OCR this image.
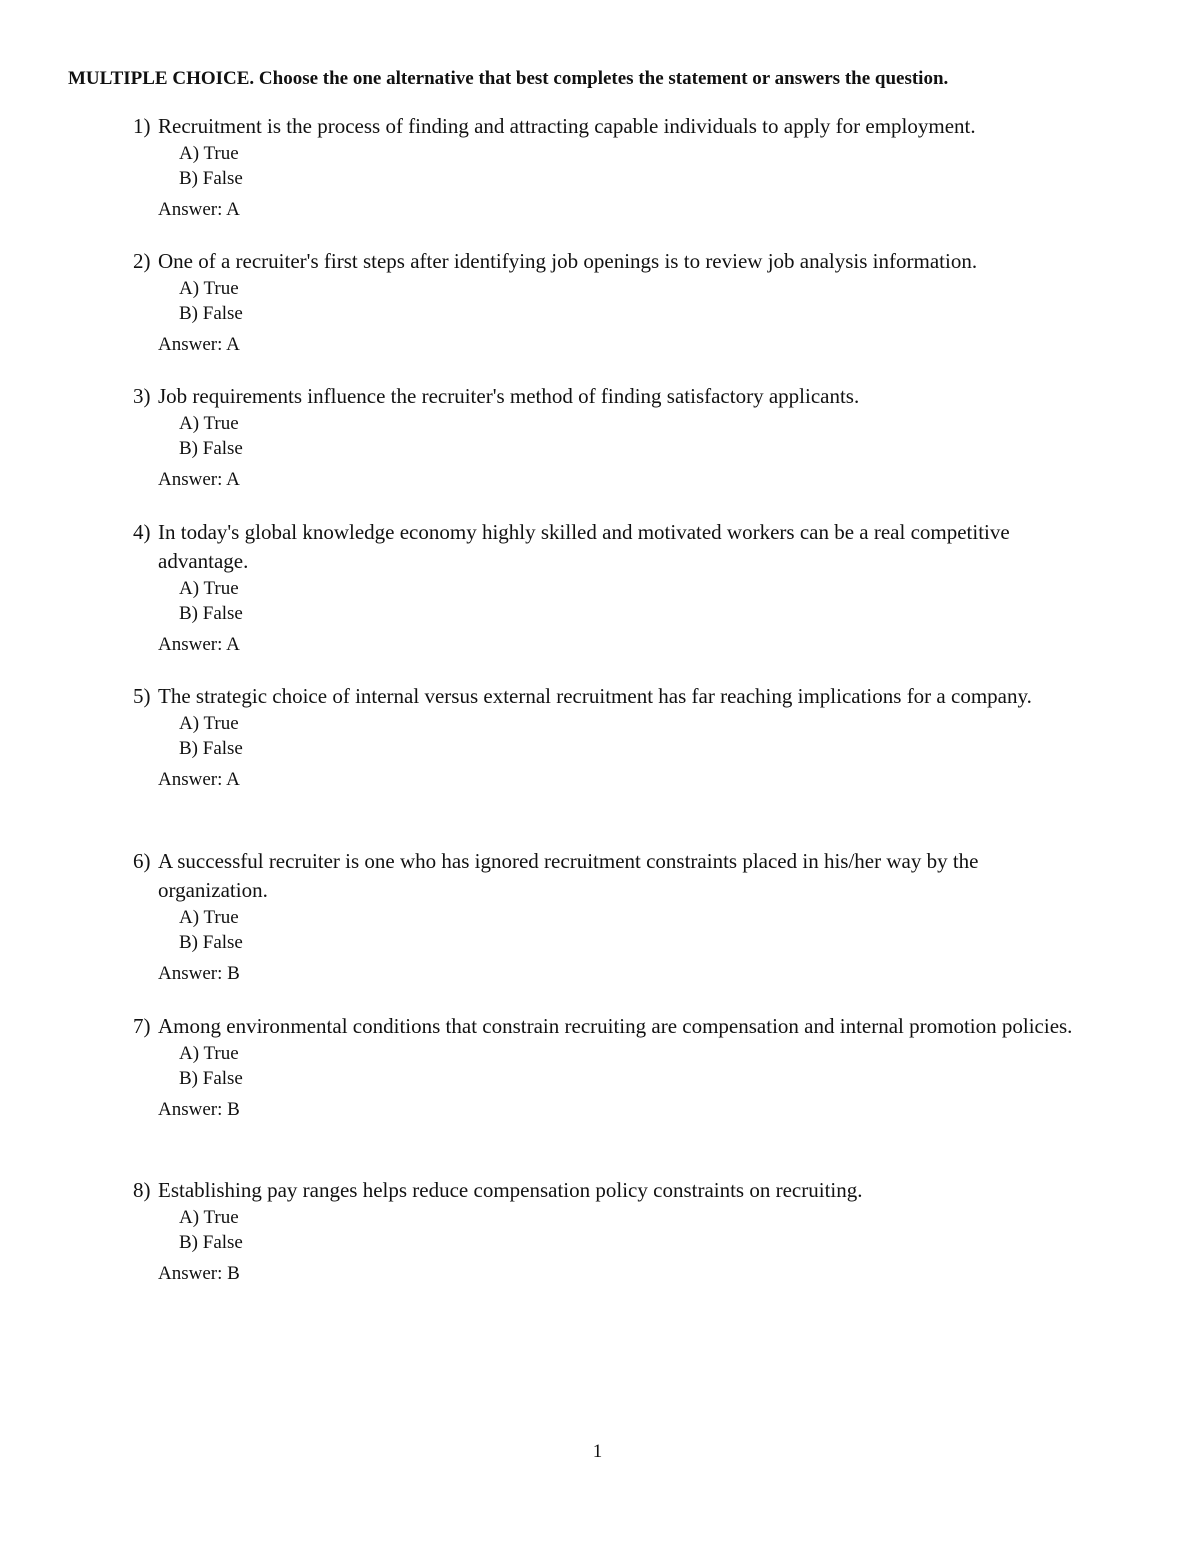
MULTIPLE CHOICE. Choose the one alternative that best completes the statement or answers the question.
1) Recruitment is the process of finding and attracting capable individuals to apply for employment.
A) True
B) False
Answer: A
2) One of a recruiter's first steps after identifying job openings is to review job analysis information.
A) True
B) False
Answer: A
3) Job requirements influence the recruiter's method of finding satisfactory applicants.
A) True
B) False
Answer: A
4) In today's global knowledge economy highly skilled and motivated workers can be a real competitive advantage.
A) True
B) False
Answer: A
5) The strategic choice of internal versus external recruitment has far reaching implications for a company.
A) True
B) False
Answer: A
6) A successful recruiter is one who has ignored recruitment constraints placed in his/her way by the organization.
A) True
B) False
Answer: B
7) Among environmental conditions that constrain recruiting are compensation and internal promotion policies.
A) True
B) False
Answer: B
8) Establishing pay ranges helps reduce compensation policy constraints on recruiting.
A) True
B) False
Answer: B
1
